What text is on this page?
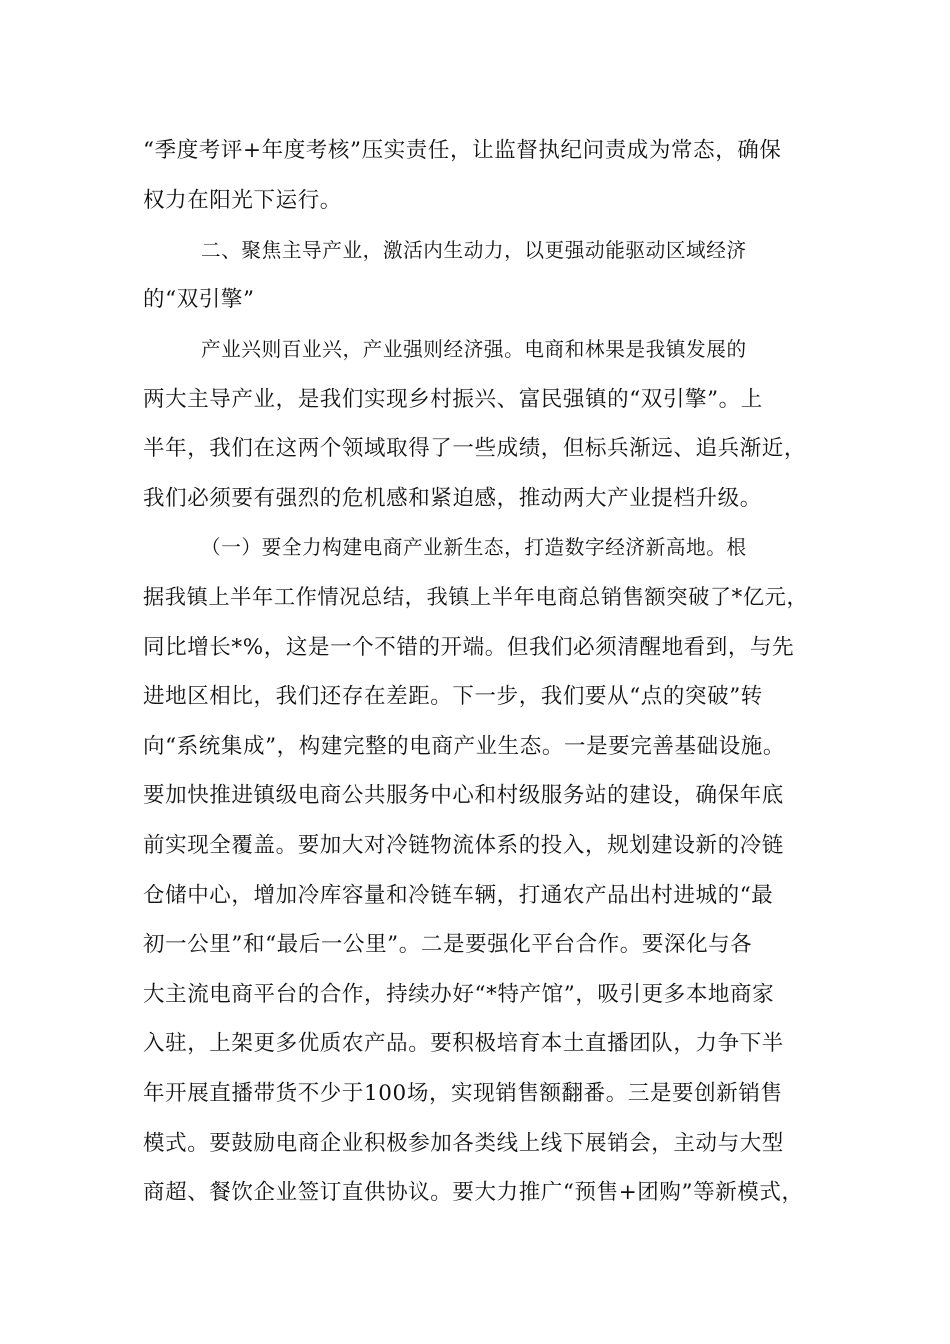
“季度考评+年度考核”压实责任，让监督执纪问责成为常态，确保
权力在阳光下运行。
二、聚焦主导产业，激活内生动力，以更强动能驱动区域经济
的“双引擎”
产业兴则百业兴，产业强则经济强。电商和林果是我镇发展的
两大主导产业，是我们实现乡村振兴、富民强镇的“双引擎”。上
半年，我们在这两个领域取得了一些成绩，但标兵渐远、追兵渐近，
我们必须要有强烈的危机感和紧迫感，推动两大产业提档升级。
（一）要全力构建电商产业新生态，打造数字经济新高地。根
据我镇上半年工作情况总结，我镇上半年电商总销售额突破了*亿元，
同比增长*%，这是一个不错的开端。但我们必须清醒地看到，与先
进地区相比，我们还存在差距。下一步，我们要从“点的突破”转
向“系统集成”，构建完整的电商产业生态。一是要完善基础设施。
要加快推进镇级电商公共服务中心和村级服务站的建设，确保年底
前实现全覆盖。要加大对冷链物流体系的投入，规划建设新的冷链
仓储中心，增加冷库容量和冷链车辆，打通农产品出村进城的“最
初一公里”和“最后一公里”。二是要强化平台合作。要深化与各
大主流电商平台的合作，持续办好“*特产馆”，吸引更多本地商家
入驻，上架更多优质农产品。要积极培育本土直播团队，力争下半
年开展直播带货不少于100场，实现销售额翻番。三是要创新销售
模式。要鼓励电商企业积极参加各类线上线下展销会，主动与大型
商超、餐饮企业签订直供协议。要大力推广“预售+团购”等新模式，
